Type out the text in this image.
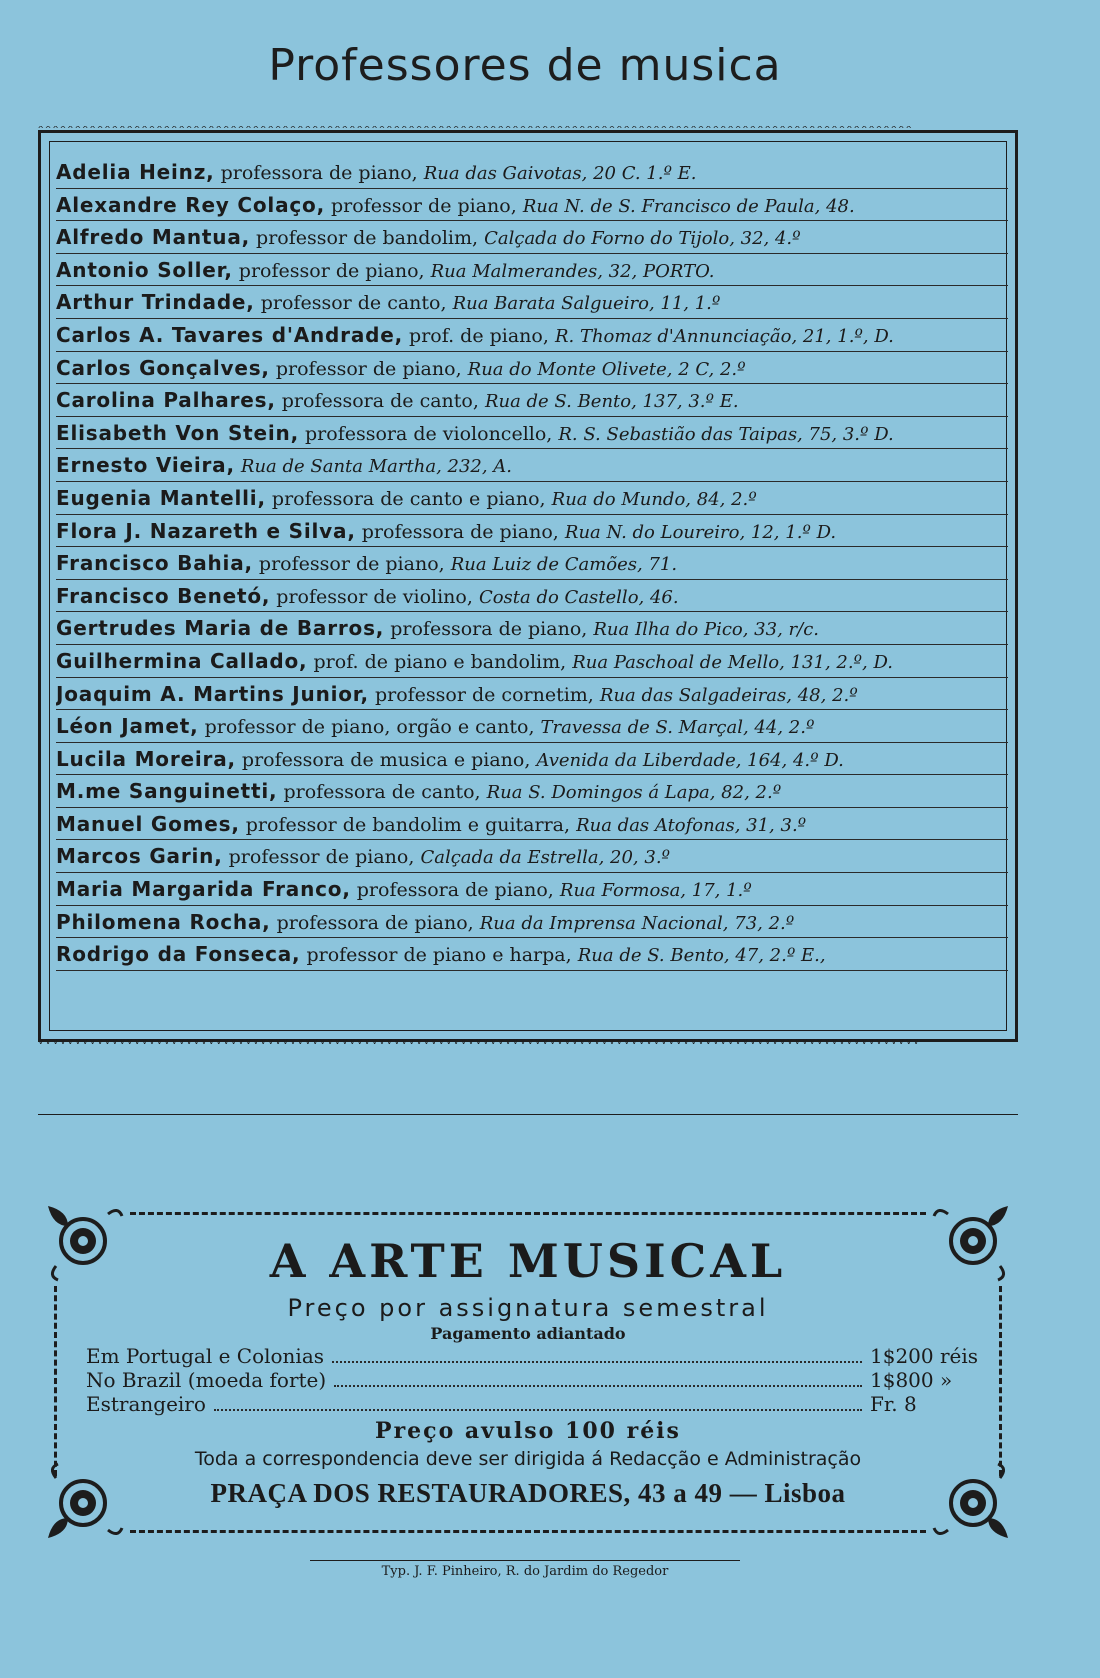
Professores de musica
^^^^^^^^^^^^^^^^^^^^^^^^^^^^^^^^^^^^^^^^^^^^^^^^^^^^^^^^^^^^^^^^^^^^^^^^^^^^^^^^^^^^^^^^^^^^^^^^^^^^^^^^^^^^^^^^^^^^^^
vvvvvvvvvvvvvvvvvvvvvvvvvvvvvvvvvvvvvvvvvvvvvvvvvvvvvvvvvvvvvvvvvvvvvvvvvvvvvvvvvvvvvvvvvvvvvvvvvvvvvvvvvvvvvvvvvvvvvvv
Adelia Heinz, professora de piano, Rua das Gaivotas, 20 C. 1.º E.
Alexandre Rey Colaço, professor de piano, Rua N. de S. Francisco de Paula, 48.
Alfredo Mantua, professor de bandolim, Calçada do Forno do Tijolo, 32, 4.º
Antonio Soller, professor de piano, Rua Malmerandes, 32, PORTO.
Arthur Trindade, professor de canto, Rua Barata Salgueiro, 11, 1.º
Carlos A. Tavares d'Andrade, prof. de piano, R. Thomaz d'Annunciação, 21, 1.º, D.
Carlos Gonçalves, professor de piano, Rua do Monte Olivete, 2 C, 2.º
Carolina Palhares, professora de canto, Rua de S. Bento, 137, 3.º E.
Elisabeth Von Stein, professora de violoncello, R. S. Sebastião das Taipas, 75, 3.º D.
Ernesto Vieira, Rua de Santa Martha, 232, A.
Eugenia Mantelli, professora de canto e piano, Rua do Mundo, 84, 2.º
Flora J. Nazareth e Silva, professora de piano, Rua N. do Loureiro, 12, 1.º D.
Francisco Bahia, professor de piano, Rua Luiz de Camões, 71.
Francisco Benetó, professor de violino, Costa do Castello, 46.
Gertrudes Maria de Barros, professora de piano, Rua Ilha do Pico, 33, r/c.
Guilhermina Callado, prof. de piano e bandolim, Rua Paschoal de Mello, 131, 2.º, D.
Joaquim A. Martins Junior, professor de cornetim, Rua das Salgadeiras, 48, 2.º
Léon Jamet, professor de piano, orgão e canto, Travessa de S. Marçal, 44, 2.º
Lucila Moreira, professora de musica e piano, Avenida da Liberdade, 164, 4.º D.
M.me Sanguinetti, professora de canto, Rua S. Domingos á Lapa, 82, 2.º
Manuel Gomes, professor de bandolim e guitarra, Rua das Atofonas, 31, 3.º
Marcos Garin, professor de piano, Calçada da Estrella, 20, 3.º
Maria Margarida Franco, professora de piano, Rua Formosa, 17, 1.º
Philomena Rocha, professora de piano, Rua da Imprensa Nacional, 73, 2.º
Rodrigo da Fonseca, professor de piano e harpa, Rua de S. Bento, 47, 2.º E.,
A ARTE MUSICAL
Preço por assignatura semestral
Pagamento adiantado
Em Portugal e Colonias	1$200 réis
No Brazil (moeda forte)	1$800 »
Estrangeiro	Fr. 8
Preço avulso 100 réis
Toda a correspondencia deve ser dirigida á Redacção e Administração
PRAÇA DOS RESTAURADORES, 43 a 49 — Lisboa
Typ. J. F. Pinheiro, R. do Jardim do Regedor
